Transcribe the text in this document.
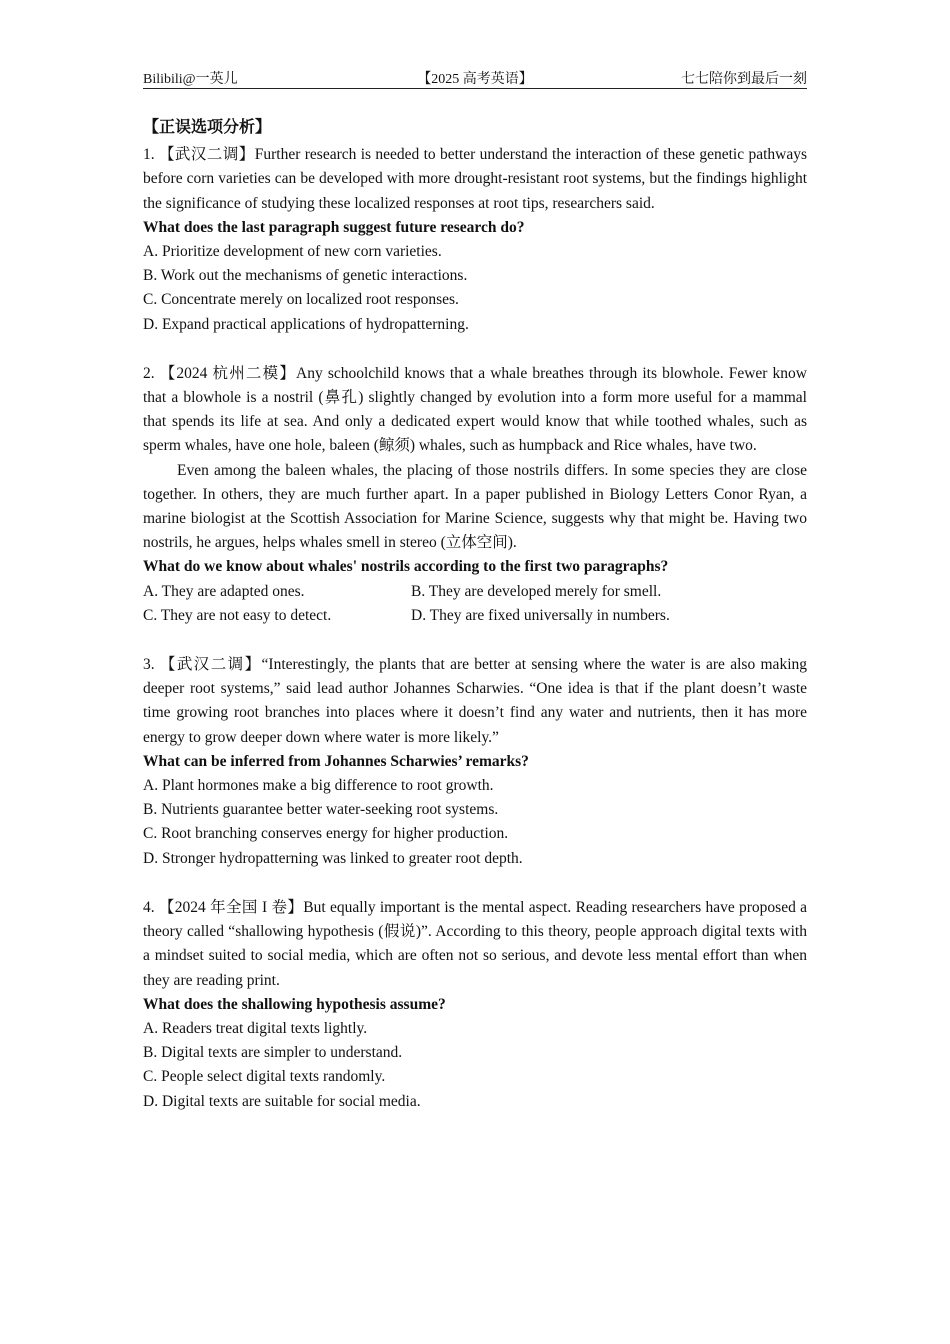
Bilibili@一英儿	【2025 高考英语】	七七陪你到最后一刻

【正误选项分析】

1. 【武汉二调】Further research is needed to better understand the interaction of these genetic pathways before corn varieties can be developed with more drought-resistant root systems, but the findings highlight the significance of studying these localized responses at root tips, researchers said.

What does the last paragraph suggest future research do?

A. Prioritize development of new corn varieties.

B. Work out the mechanisms of genetic interactions.

C. Concentrate merely on localized root responses.

D. Expand practical applications of hydropatterning.

2. 【2024 杭州二模】Any schoolchild knows that a whale breathes through its blowhole. Fewer know that a blowhole is a nostril (鼻孔) slightly changed by evolution into a form more useful for a mammal that spends its life at sea. And only a dedicated expert would know that while toothed whales, such as sperm whales, have one hole, baleen (鲸须) whales, such as humpback and Rice whales, have two.

Even among the baleen whales, the placing of those nostrils differs. In some species they are close together. In others, they are much further apart. In a paper published in Biology Letters Conor Ryan, a marine biologist at the Scottish Association for Marine Science, suggests why that might be. Having two nostrils, he argues, helps whales smell in stereo (立体空间).

What do we know about whales' nostrils according to the first two paragraphs?

A. They are adapted ones.	B. They are developed merely for smell.

C. They are not easy to detect.	D. They are fixed universally in numbers.

3. 【武汉二调】“Interestingly, the plants that are better at sensing where the water is are also making deeper root systems,” said lead author Johannes Scharwies. “One idea is that if the plant doesn’t waste time growing root branches into places where it doesn’t find any water and nutrients, then it has more energy to grow deeper down where water is more likely.”

What can be inferred from Johannes Scharwies’ remarks?

A. Plant hormones make a big difference to root growth.

B. Nutrients guarantee better water-seeking root systems.

C. Root branching conserves energy for higher production.

D. Stronger hydropatterning was linked to greater root depth.

4. 【2024 年全国 I 卷】But equally important is the mental aspect. Reading researchers have proposed a theory called “shallowing hypothesis (假说)”. According to this theory, people approach digital texts with a mindset suited to social media, which are often not so serious, and devote less mental effort than when they are reading print.

What does the shallowing hypothesis assume?

A. Readers treat digital texts lightly.

B. Digital texts are simpler to understand.

C. People select digital texts randomly.

D. Digital texts are suitable for social media.
